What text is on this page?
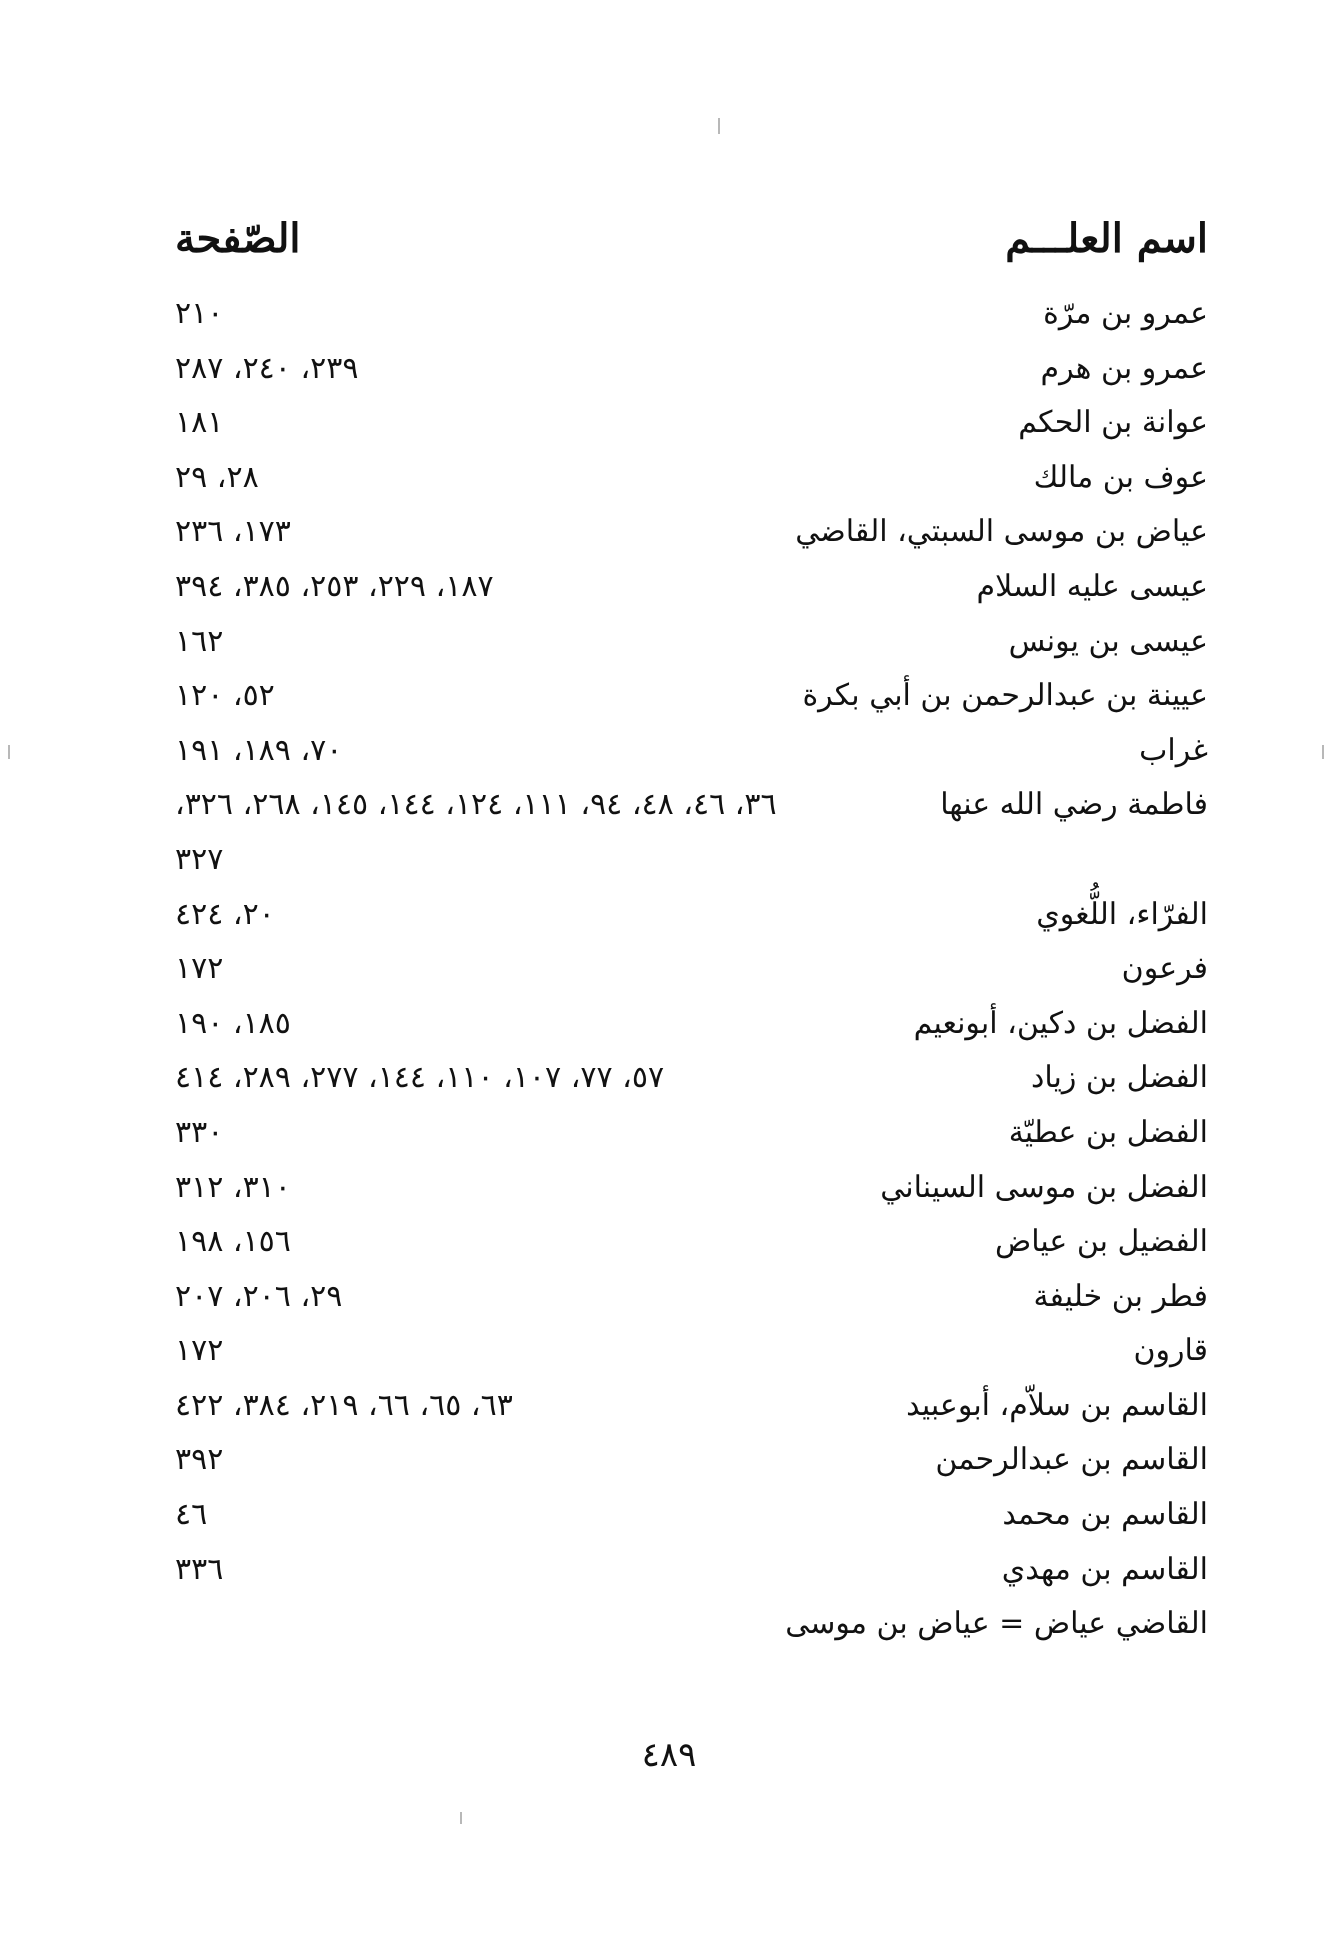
اسم العلـــم
الصّفحة
عمرو بن مرّة
٢١٠
عمرو بن هرم
٢٣٩، ٢٤٠، ٢٨٧
عوانة بن الحكم
١٨١
عوف بن مالك
٢٨، ٢٩
عياض بن موسى السبتي، القاضي
١٧٣، ٢٣٦
عيسى عليه السلام
١٨٧، ٢٢٩، ٢٥٣، ٣٨٥، ٣٩٤
عيسى بن يونس
١٦٢
عيينة بن عبدالرحمن بن أبي بكرة
٥٢، ١٢٠
غراب
٧٠، ١٨٩، ١٩١
فاطمة رضي الله عنها
٣٦، ٤٦، ٤٨، ٩٤، ١١١، ١٢٤، ١٤٤، ١٤٥، ٢٦٨، ٣٢٦،
٣٢٧
الفرّاء، اللُّغوي
٢٠، ٤٢٤
فرعون
١٧٢
الفضل بن دكين، أبونعيم
١٨٥، ١٩٠
الفضل بن زياد
٥٧، ٧٧، ١٠٧، ١١٠، ١٤٤، ٢٧٧، ٢٨٩، ٤١٤
الفضل بن عطيّة
٣٣٠
الفضل بن موسى السيناني
٣١٠، ٣١٢
الفضيل بن عياض
١٥٦، ١٩٨
فطر بن خليفة
٢٩، ٢٠٦، ٢٠٧
قارون
١٧٢
القاسم بن سلاّم، أبوعبيد
٦٣، ٦٥، ٦٦، ٢١٩، ٣٨٤، ٤٢٢
القاسم بن عبدالرحمن
٣٩٢
القاسم بن محمد
٤٦
القاسم بن مهدي
٣٣٦
القاضي عياض = عياض بن موسى
٤٨٩
